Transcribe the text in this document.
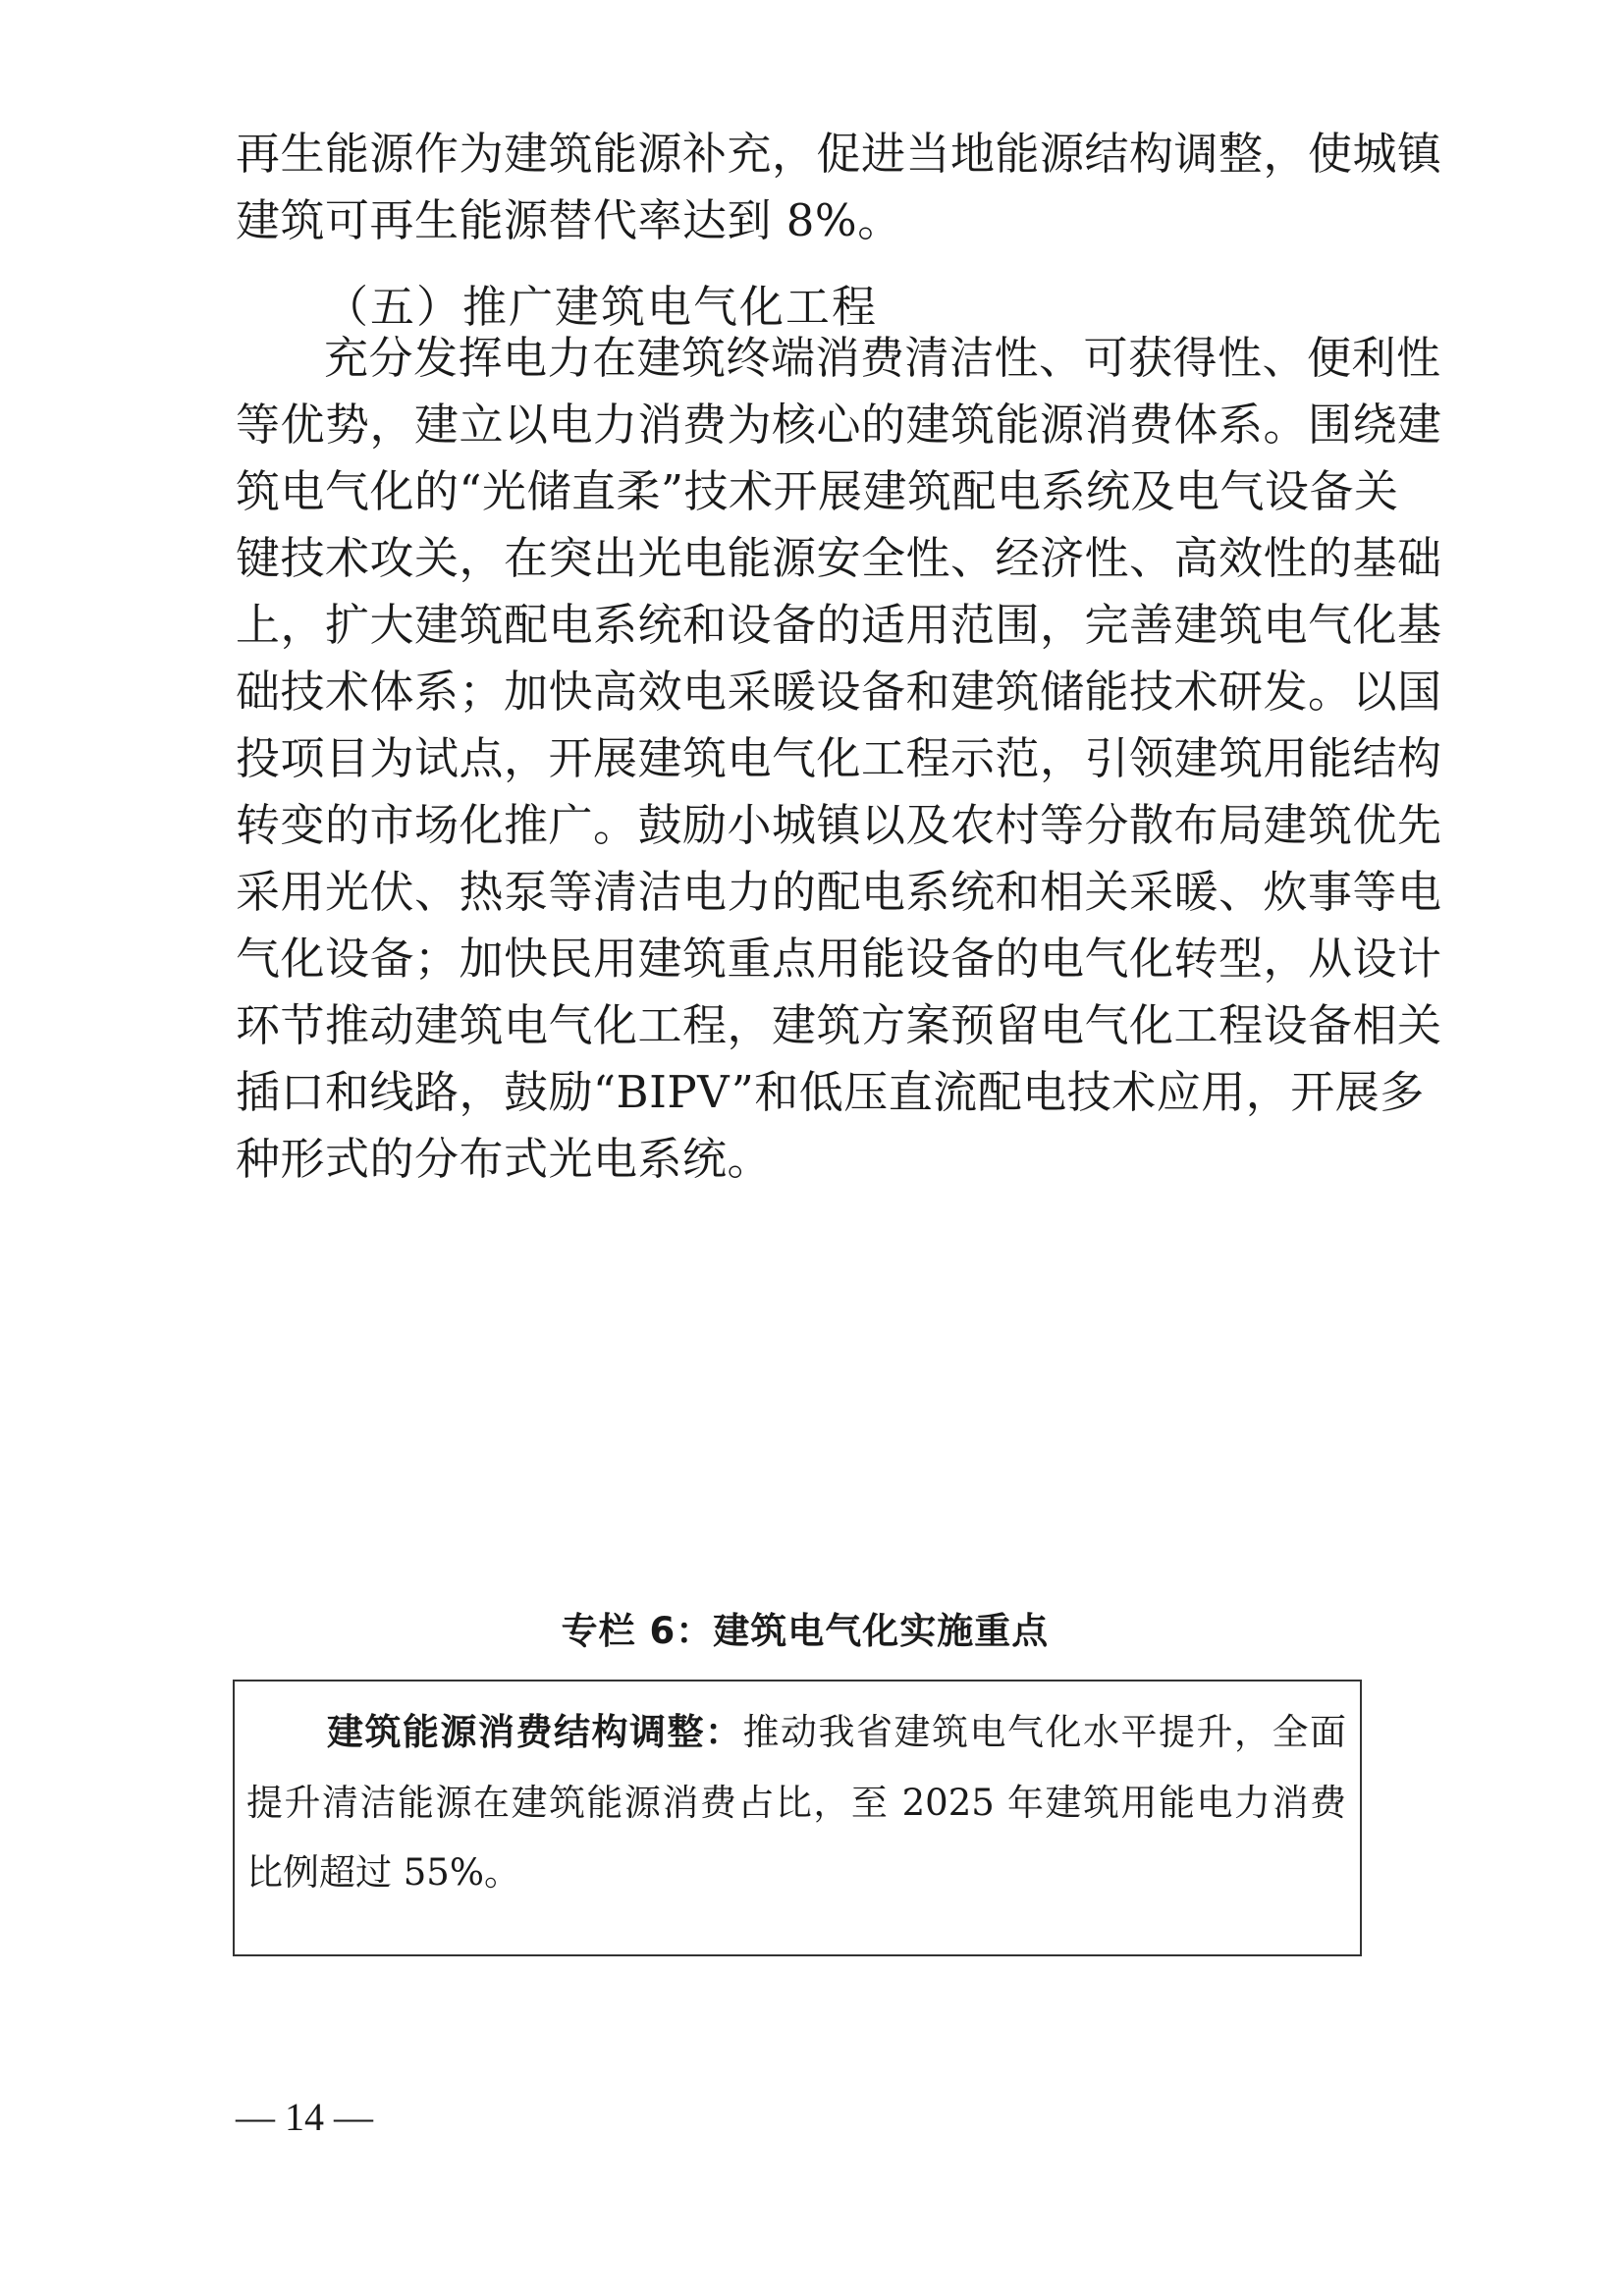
再生能源作为建筑能源补充，促进当地能源结构调整，使城镇
建筑可再生能源替代率达到 8%。
（五）推广建筑电气化工程
充分发挥电力在建筑终端消费清洁性、可获得性、便利性
等优势，建立以电力消费为核心的建筑能源消费体系。围绕建
筑电气化的“光储直柔”技术开展建筑配电系统及电气设备关
键技术攻关，在突出光电能源安全性、经济性、高效性的基础
上，扩大建筑配电系统和设备的适用范围，完善建筑电气化基
础技术体系；加快高效电采暖设备和建筑储能技术研发。以国
投项目为试点，开展建筑电气化工程示范，引领建筑用能结构
转变的市场化推广。鼓励小城镇以及农村等分散布局建筑优先
采用光伏、热泵等清洁电力的配电系统和相关采暖、炊事等电
气化设备；加快民用建筑重点用能设备的电气化转型，从设计
环节推动建筑电气化工程，建筑方案预留电气化工程设备相关
插口和线路，鼓励“BIPV”和低压直流配电技术应用，开展多
种形式的分布式光电系统。
专栏 6：建筑电气化实施重点
建筑能源消费结构调整：推动我省建筑电气化水平提升，全面
提升清洁能源在建筑能源消费占比，至 2025 年建筑用能电力消费
比例超过 55%。
— 14 —
